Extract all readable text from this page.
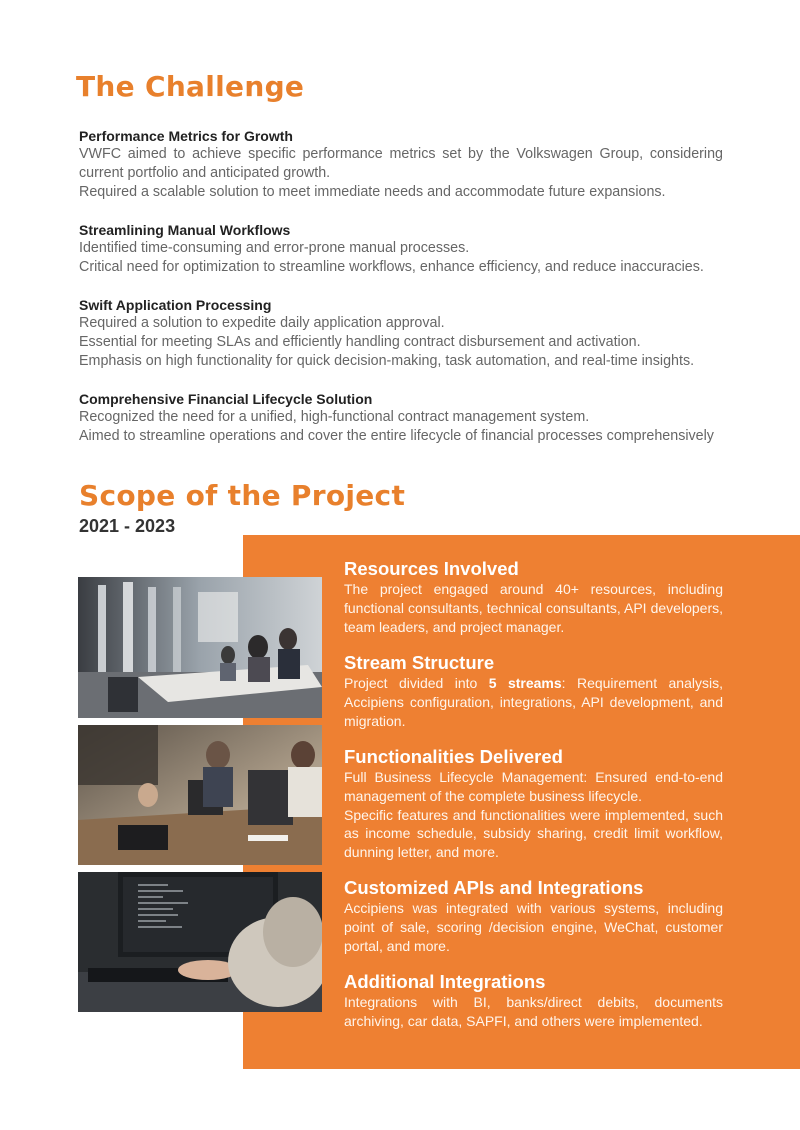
The Challenge
Performance Metrics for Growth
VWFC aimed to achieve specific performance metrics set by the Volkswagen Group, considering current portfolio and anticipated growth.
Required a scalable solution to meet immediate needs and accommodate future expansions.
Streamlining Manual Workflows
Identified time-consuming and error-prone manual processes.
Critical need for optimization to streamline workflows, enhance efficiency, and reduce inaccuracies.
Swift Application Processing
Required a solution to expedite daily application approval.
Essential for meeting SLAs and efficiently handling contract disbursement and activation.
Emphasis on high functionality for quick decision-making, task automation, and real-time insights.
Comprehensive Financial Lifecycle Solution
Recognized the need for a unified, high-functional contract management system.
Aimed to streamline operations and cover the entire lifecycle of financial processes comprehensively
Scope of the Project
2021 - 2023
Resources Involved
The project engaged around 40+ resources, including functional consultants, technical consultants, API developers, team leaders, and project manager.
Stream Structure
Project divided into 5 streams: Requirement analysis, Accipiens configuration, integrations, API development, and migration.
Functionalities Delivered
Full Business Lifecycle Management: Ensured end-to-end management of the complete business lifecycle.
Specific features and functionalities were implemented, such as income schedule, subsidy sharing, credit limit workflow, dunning letter, and more.
Customized APIs and Integrations
Accipiens was integrated with various systems, including point of sale, scoring /decision engine, WeChat, customer portal, and more.
Additional Integrations
Integrations with BI, banks/direct debits, documents archiving, car data, SAPFI, and others were implemented.
